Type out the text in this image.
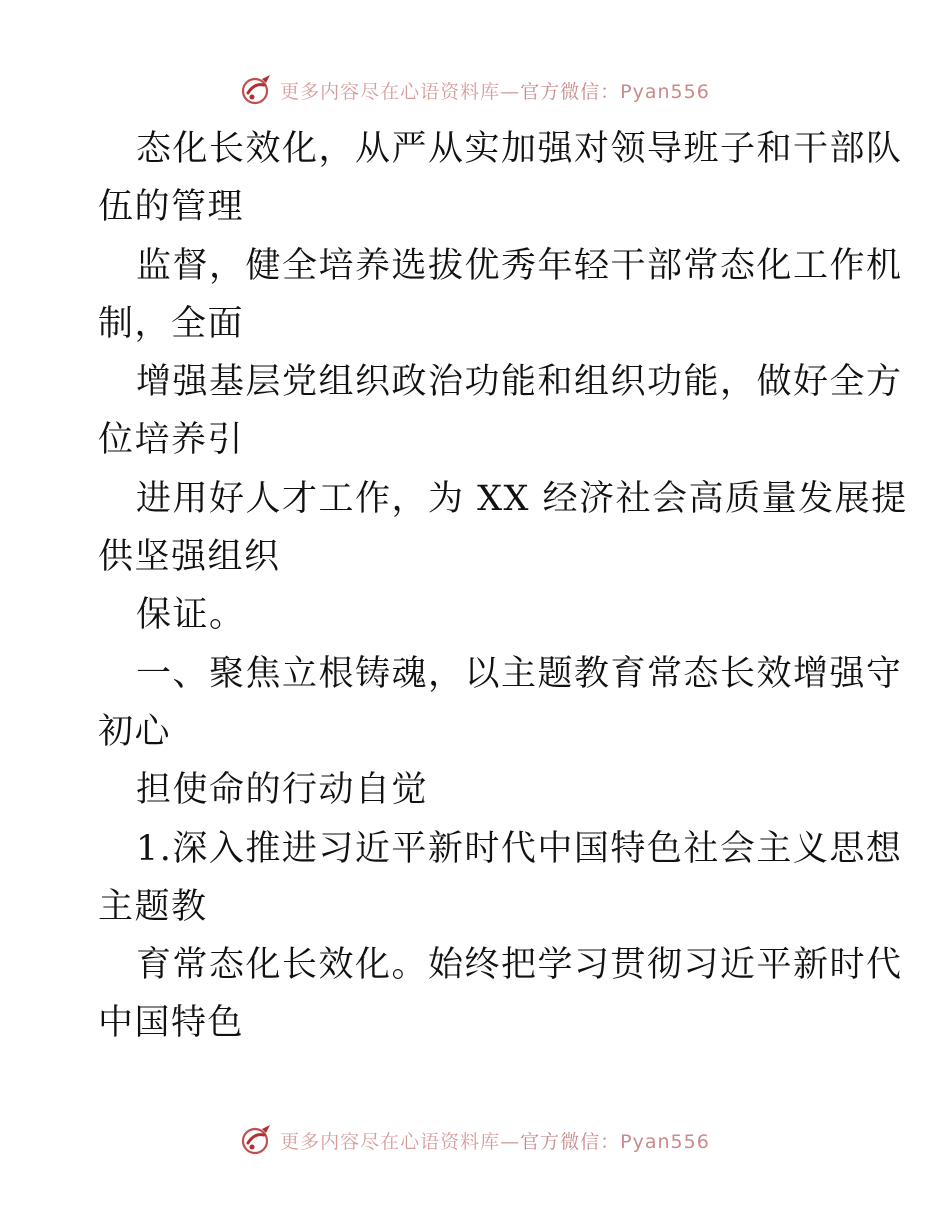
更多内容尽在心语资料库—官方微信：Pyan556
态化长效化，从严从实加强对领导班子和干部队
伍的管理
监督，健全培养选拔优秀年轻干部常态化工作机
制，全面
增强基层党组织政治功能和组织功能，做好全方
位培养引
进用好人才工作，为 XX 经济社会高质量发展提
供坚强组织
保证。
一、聚焦立根铸魂，以主题教育常态长效增强守
初心
担使命的行动自觉
1.深入推进习近平新时代中国特色社会主义思想
主题教
育常态化长效化。始终把学习贯彻习近平新时代
中国特色
更多内容尽在心语资料库—官方微信：Pyan556
